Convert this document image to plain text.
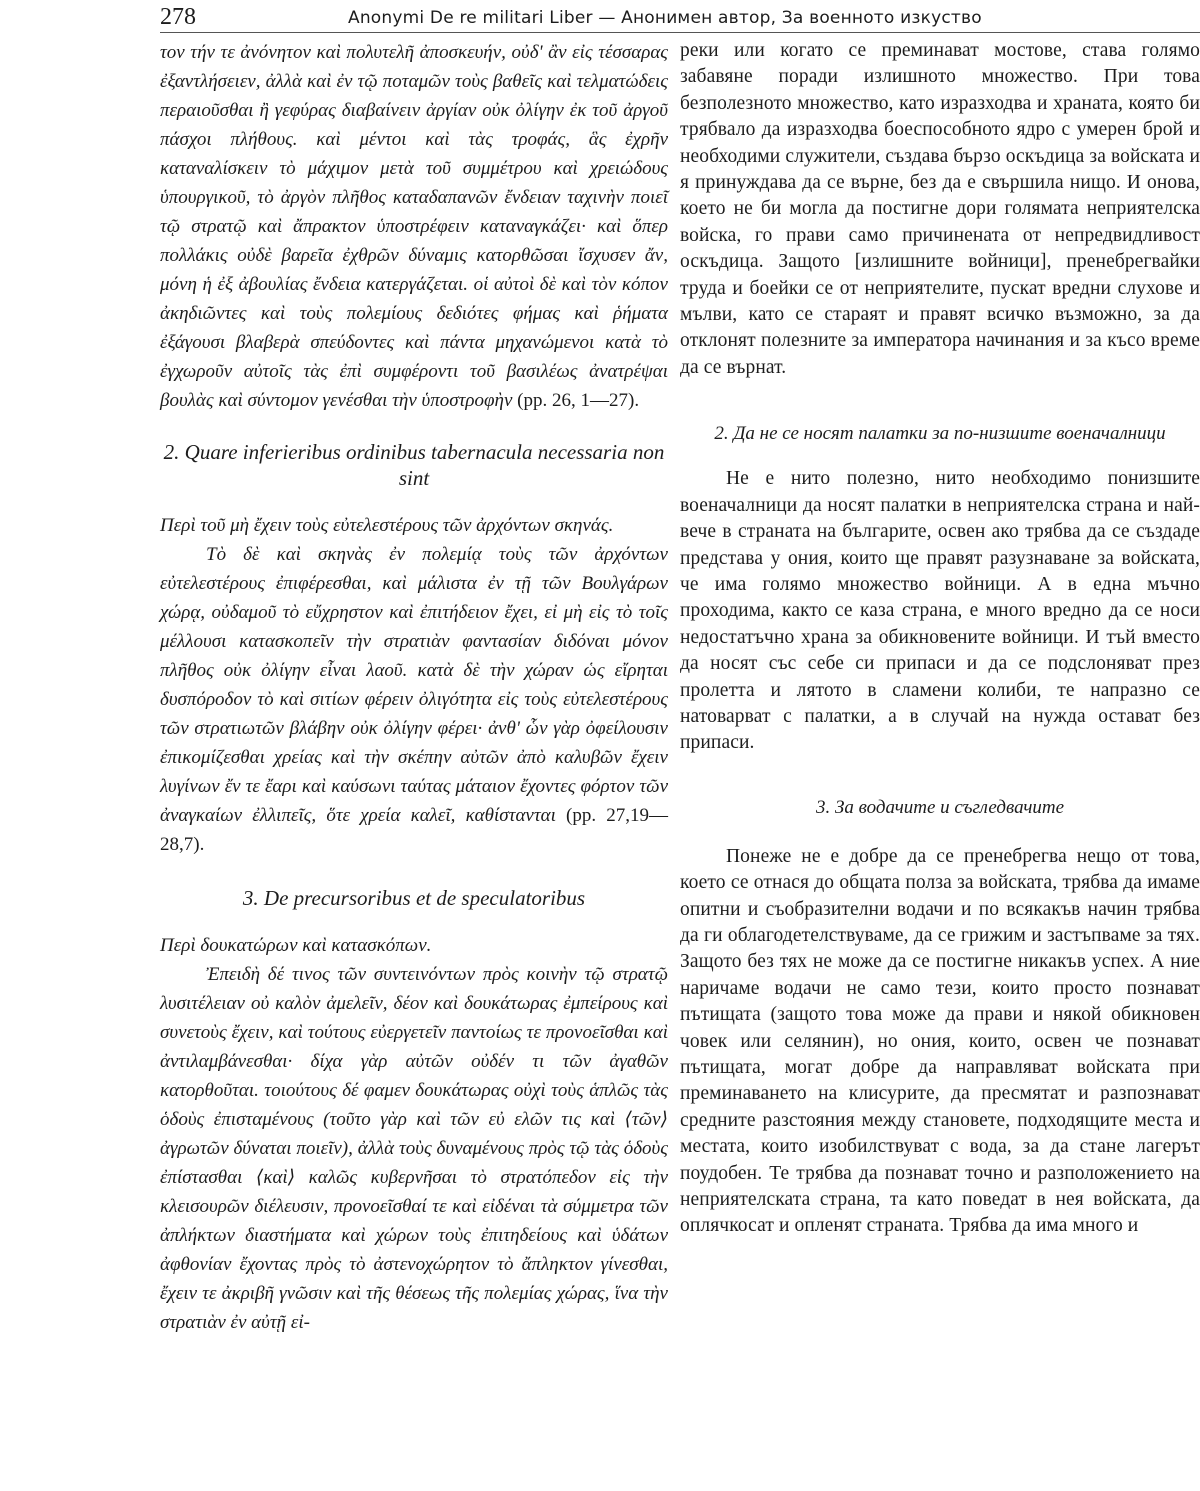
278	Anonymi De re militari Liber — Анонимен автор, За военното изкуство

τον τήν τε ἀνόνητον καὶ πολυτελῆ ἀποσκευήν, οὐδ' ἂν εἰς τέσσαρας ἐξαντλήσειεν, ἀλλὰ καὶ ἐν τῷ ποταμῶν τοὺς βαθεῖς καὶ τελματώδεις περαιοῦσθαι ἢ γεφύρας διαβαίνειν ἀργίαν οὐκ ὀλίγην ἐκ τοῦ ἀργοῦ πάσχοι πλήθους. καὶ μέντοι καὶ τὰς τροφάς, ἃς ἐχρῆν καταναλίσκειν τὸ μάχιμον μετὰ τοῦ συμμέτρου καὶ χρειώδους ὑπουργικοῦ, τὸ ἀργὸν πλῆθος καταδαπανῶν ἔνδειαν ταχινὴν ποιεῖ τῷ στρατῷ καὶ ἄπρακτον ὑποστρέφειν καταναγκάζει· καὶ ὅπερ πολλάκις οὐδὲ βαρεῖα ἐχθρῶν δύναμις κατορθῶσαι ἴσχυσεν ἄν, μόνη ἡ ἐξ ἀβουλίας ἔνδεια κατεργάζεται. οἱ αὐτοὶ δὲ καὶ τὸν κόπον ἀκηδιῶντες καὶ τοὺς πολεμίους δεδιότες φήμας καὶ ῥήματα ἐξάγουσι βλαβερὰ σπεύδοντες καὶ πάντα μηχανώμενοι κατὰ τὸ ἐγχωροῦν αὐτοῖς τὰς ἐπὶ συμφέροντι τοῦ βασιλέως ἀνατρέψαι βουλὰς καὶ σύντομον γενέσθαι τὴν ὑποστροφὴν (pp. 26, 1—27).

2. Quare inferieribus ordinibus tabernacula necessaria non sint

Περὶ τοῦ μὴ ἔχειν τοὺς εὐτελεστέρους τῶν ἀρχόντων σκηνάς.

Τὸ δὲ καὶ σκηνὰς ἐν πολεμίᾳ τοὺς τῶν ἀρχόντων εὐτελεστέρους ἐπιφέρεσθαι, καὶ μάλιστα ἐν τῇ τῶν Βουλγάρων χώρᾳ, οὐδαμοῦ τὸ εὔχρηστον καὶ ἐπιτήδειον ἔχει, εἰ μὴ εἰς τὸ τοῖς μέλλουσι κατασκοπεῖν τὴν στρατιὰν φαντασίαν διδόναι μόνον πλῆθος οὐκ ὀλίγην εἶναι λαοῦ. κατὰ δὲ τὴν χώραν ὡς εἴρηται δυσπόροδον τὸ καὶ σιτίων φέρειν ὀλιγότητα εἰς τοὺς εὐτελεστέρους τῶν στρατιωτῶν βλάβην οὐκ ὀλίγην φέρει· ἀνθ' ὧν γὰρ ὀφείλουσιν ἐπικομίζεσθαι χρείας καὶ τὴν σκέπην αὐτῶν ἀπὸ καλυβῶν ἔχειν λυγίνων ἔν τε ἔαρι καὶ καύσωνι ταύτας μάταιον ἔχοντες φόρτον τῶν ἀναγκαίων ἐλλιπεῖς, ὅτε χρεία καλεῖ, καθίστανται (pp. 27,19—28,7).

3. De precursoribus et de speculatoribus

Περὶ δουκατώρων καὶ κατασκόπων.

Ἐπειδὴ δέ τινος τῶν συντεινόντων πρὸς κοινὴν τῷ στρατῷ λυσιτέλειαν οὐ καλὸν ἀμελεῖν, δέον καὶ δουκάτωρας ἐμπείρους καὶ συνετοὺς ἔχειν, καὶ τούτους εὐεργετεῖν παντοίως τε προνοεῖσθαι καὶ ἀντιλαμβάνεσθαι· δίχα γὰρ αὐτῶν οὐδέν τι τῶν ἀγαθῶν κατορθοῦται. τοιούτους δέ φαμεν δουκάτωρας οὐχὶ τοὺς ἁπλῶς τὰς ὁδοὺς ἐπισταμένους (τοῦτο γὰρ καὶ τῶν εὐ ελῶν τις καὶ ⟨τῶν⟩ ἀγρωτῶν δύναται ποιεῖν), ἀλλὰ τοὺς δυναμένους πρὸς τῷ τὰς ὁδοὺς ἐπίστασθαι ⟨καὶ⟩ καλῶς κυβερνῆσαι τὸ στρατόπεδον εἰς τὴν κλεισουρῶν διέλευσιν, προνοεῖσθαί τε καὶ εἰδέναι τὰ σύμμετρα τῶν ἀπλήκτων διαστήματα καὶ χώρων τοὺς ἐπιτηδείους καὶ ὑδάτων ἀφθονίαν ἔχοντας πρὸς τὸ ἀστενοχώρητον τὸ ἄπληκτον γίνεσθαι, ἔχειν τε ἀκριβῆ γνῶσιν καὶ τῆς θέσεως τῆς πολεμίας χώρας, ἵνα τὴν στρατιὰν ἐν αὐτῇ εἰ-

реки или когато се преминават мостове, става голямо забавяне поради излишното множество. При това безполезното множество, като изразходва и храната, която би трябвало да изразходва боеспособното ядро с умерен брой и необходими служители, създава бързо оскъдица за войската и я принуждава да се върне, без да е свършила нищо. И онова, което не би могла да постигне дори голямата неприятелска войска, го прави само причинената от непредвидливост оскъдица. Защото [излишните войници], пренебрегвайки труда и боейки се от неприятелите, пускат вредни слухове и мълви, като се стараят и правят всичко възможно, за да отклонят полезните за императора начинания и за късо време да се върнат.

2. Да не се носят палатки за по-низшите военачалници

Не е нито полезно, нито необходимо понизшите военачалници да носят палатки в неприятелска страна и най-вече в страната на българите, освен ако трябва да се създаде представа у ония, които ще правят разузнаване за войската, че има голямо множество войници. А в една мъчно проходима, както се каза страна, е много вредно да се носи недостатъчно храна за обикновените войници. И тъй вместо да носят със себе си припаси и да се подслоняват през пролетта и лятото в сламени колиби, те напразно се натоварват с палатки, а в случай на нужда остават без припаси.

3. За водачите и съгледвачите

Понеже не е добре да се пренебрегва нещо от това, което се отнася до общата полза за войската, трябва да имаме опитни и съобразителни водачи и по всякакъв начин трябва да ги облагодетелствуваме, да се грижим и застъпваме за тях. Защото без тях не може да се постигне никакъв успех. А ние наричаме водачи не само тези, които просто познават пътищата (защото това може да прави и някой обикновен човек или селянин), но ония, които, освен че познават пътищата, могат добре да направляват войската при преминаването на клисурите, да пресмятат и разпознават средните разстояния между становете, подходящите места и местата, които изобилствуват с вода, за да стане лагерът поудобен. Те трябва да познават точно и разположението на неприятелската страна, та като поведат в нея войската, да оплячкосат и опленят страната. Трябва да има много и
